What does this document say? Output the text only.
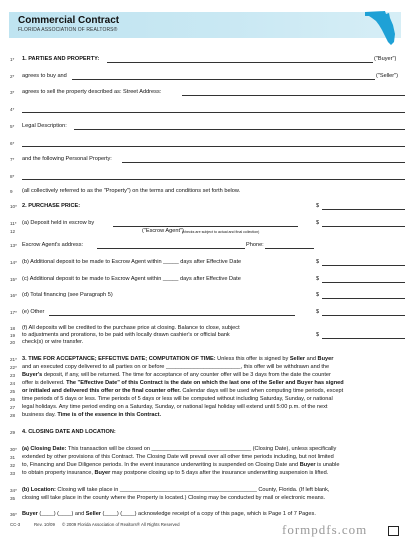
Commercial Contract
FLORIDA ASSOCIATION OF REALTORS®
1*	1. PARTIES AND PROPERTY:	("Buyer")
2*	agrees to buy and	("Seller")
3*	agrees to sell the property described as: Street Address:
4*
5*	Legal Description:
6*
7*	and the following Personal Property:
8*
9	(all collectively referred to as the "Property") on the terms and conditions set forth below.
10* 2. PURCHASE PRICE:	$
11* (a) Deposit held in escrow by	$
12	("Escrow Agent")
(checks are subject to actual and final collection)
13* Escrow Agent's address:	Phone:
14* (b) Additional deposit to be made to Escrow Agent within _____ days after Effective Date	$
15* (c) Additional deposit to be made to Escrow Agent within _____ days after Effective Date	$
16* (d) Total financing (see Paragraph 5)	$
17* (e) Other	$
18	(f) All deposits will be credited to the purchase price at closing. Balance to close, subject
$
19	to adjustments and prorations, to be paid with locally drawn cashier's or official bank
20	check(s) or wire transfer.
21* 3. TIME FOR ACCEPTANCE; EFFECTIVE DATE; COMPUTATION OF TIME: Unless this offer is signed by Seller and Buyer
22* and an executed copy delivered to all parties on or before ________________________, this offer will be withdrawn and the
23	Buyer's deposit, if any, will be returned. The time for acceptance of any counter offer will be 3 days from the date the counter
24	offer is delivered. The "Effective Date" of this Contract is the date on which the last one of the Seller and Buyer has signed
25	or initialed and delivered this offer or the final counter offer. Calendar days will be used when computing time periods, except
26	time periods of 5 days or less. Time periods of 5 days or less will be computed without including Saturday, Sunday, or national
27	legal holidays. Any time period ending on a Saturday, Sunday, or national legal holiday will extend until 5:00 p.m. of the next
28	business day. Time is of the essence in this Contract.
29	4. CLOSING DATE AND LOCATION:
30* (a) Closing Date: This transaction will be closed on ________________________________ (Closing Date), unless specifically
31	extended by other provisions of this Contract. The Closing Date will prevail over all other time periods including, but not limited
32	to, Financing and Due Diligence periods. In the event insurance underwriting is suspended on Closing Date and Buyer is unable
33	to obtain property insurance, Buyer may postpone closing up to 5 days after the insurance underwriting suspension is lifted.
34* (b) Location: Closing will take place in ____________________________________________ County, Florida. (If left blank,
35	closing will take place in the county where the Property is located.) Closing may be conducted by mail or electronic means.
36* Buyer (____) (____) and Seller (____) (____) acknowledge receipt of a copy of this page, which is Page 1 of 7 Pages.
CC-3	Rev. 10/09 © 2009 Florida Association of Realtors® All Rights Reserved	formpdfs.com
